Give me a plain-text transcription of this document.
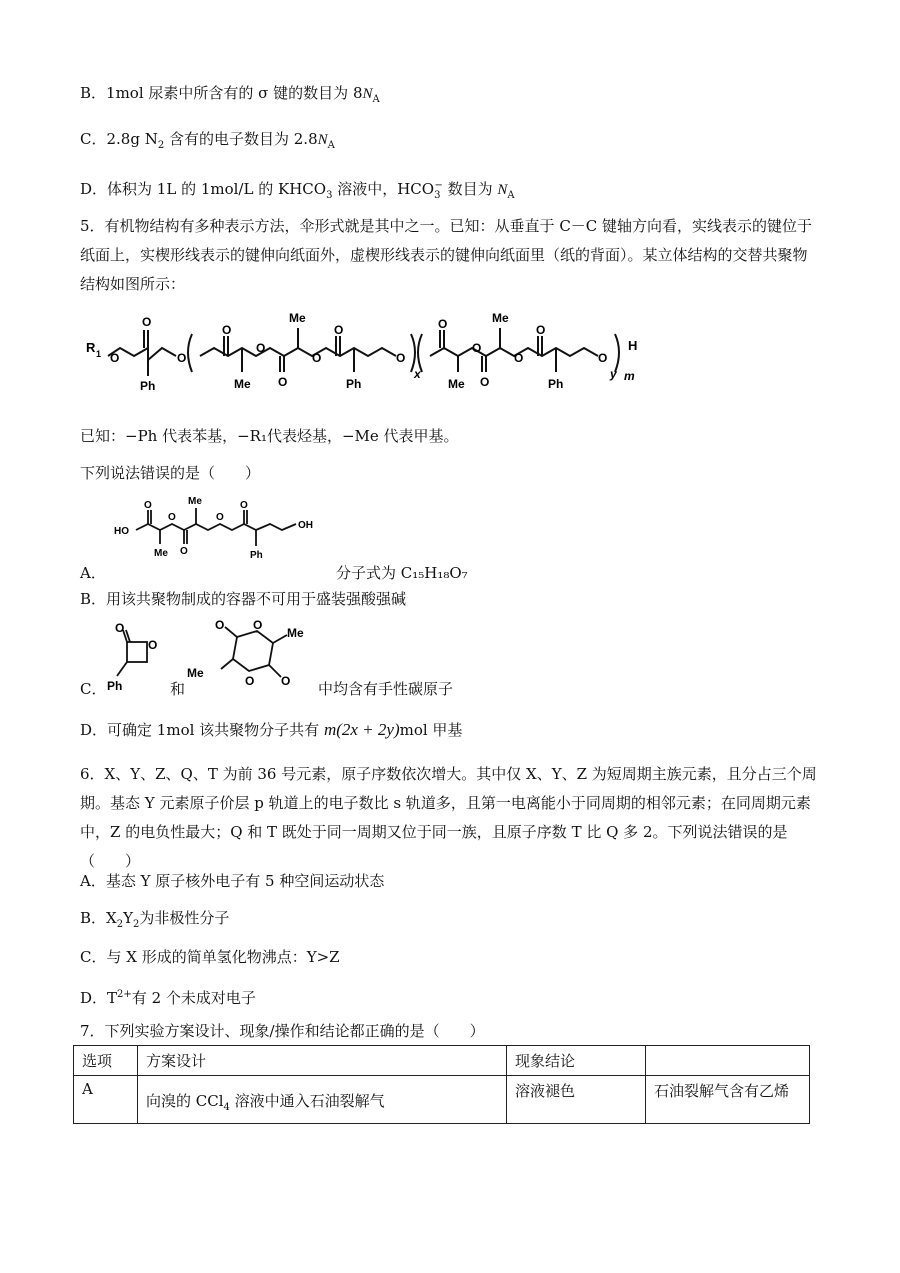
B．1mol 尿素中所含有的 σ 键的数目为 $8N_A$
C．2.8g $N_2$ 含有的电子数目为 $2.8N_A$
D．体积为 1L 的 1mol/L 的 $KHCO_3$ 溶液中，$HCO_3^-$ 数目为 $N_A$
5．有机物结构有多种表示方法，伞形式就是其中之一。已知：从垂直于 C－C 键轴方向看，实线表示的键位于纸面上，实楔形线表示的键伸向纸面外，虚楔形线表示的键伸向纸面里（纸的背面）。某立体结构的交替共聚物结构如图所示：
R 1 O
O
Ph
O
O
Me
O
O
Me
O
O
Ph
O
x
O
Me
O
O
Me
O
O
Ph
O
y
H
m
已知：−Ph 代表苯基，−R₁代表烃基，−Me 代表甲基。
下列说法错误的是（　　）
HO
O
Me
O
O
Me
O
O
Ph
OH
A．	分子式为 C₁₅H₁₈O₇
B．用该共聚物制成的容器不可用于盛装强酸强碱
C．
O
O
Ph	和
O O
O O
Me
Me
中均含有手性碳原子
D．可确定 1mol 该共聚物分子共有 m(2x + 2y)mol 甲基
6．X、Y、Z、Q、T 为前 36 号元素，原子序数依次增大。其中仅 X、Y、Z 为短周期主族元素，且分占三个周期。基态 Y 元素原子价层 p 轨道上的电子数比 s 轨道多，且第一电离能小于同周期的相邻元素；在同周期元素中，Z 的电负性最大；Q 和 T 既处于同一周期又位于同一族，且原子序数 T 比 Q 多 2。下列说法错误的是（　　）
A．基态 Y 原子核外电子有 5 种空间运动状态
B．$X_2Y_2$为非极性分子
C．与 X 形成的简单氢化物沸点：Y>Z
D．$T^{2+}$有 2 个未成对电子
7．下列实验方案设计、现象/操作和结论都正确的是（　　）
选项	方案设计	现象结论	
A	向溴的 CCl$_4$ 溶液中通入石油裂解气	溶液褪色	石油裂解气含有乙烯
